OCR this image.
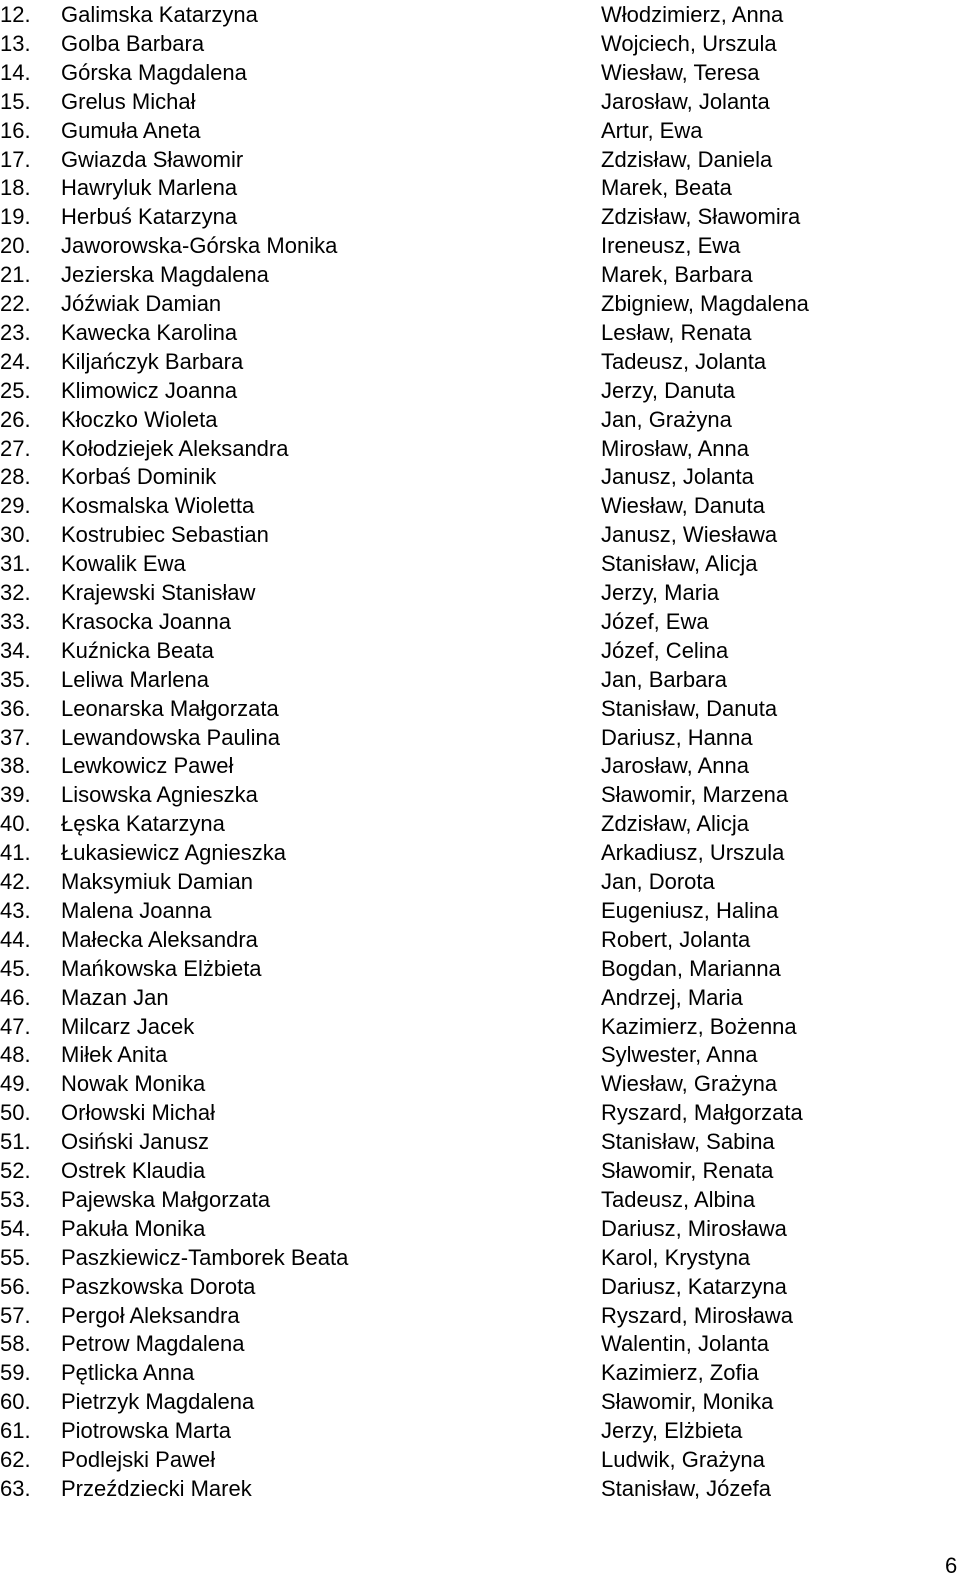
12.	Galimska Katarzyna	Włodzimierz, Anna
13.	Golba Barbara	Wojciech, Urszula
14.	Górska Magdalena	Wiesław, Teresa
15.	Grelus Michał	Jarosław, Jolanta
16.	Gumuła Aneta	Artur, Ewa
17.	Gwiazda Sławomir	Zdzisław, Daniela
18.	Hawryluk Marlena	Marek, Beata
19.	Herbuś Katarzyna	Zdzisław, Sławomira
20.	Jaworowska-Górska Monika	Ireneusz, Ewa
21.	Jezierska Magdalena	Marek, Barbara
22.	Jóźwiak Damian	Zbigniew, Magdalena
23.	Kawecka Karolina	Lesław, Renata
24.	Kiljańczyk Barbara	Tadeusz, Jolanta
25.	Klimowicz Joanna	Jerzy, Danuta
26.	Kłoczko Wioleta	Jan, Grażyna
27.	Kołodziejek Aleksandra	Mirosław, Anna
28.	Korbaś Dominik	Janusz, Jolanta
29.	Kosmalska Wioletta	Wiesław, Danuta
30.	Kostrubiec Sebastian	Janusz, Wiesława
31.	Kowalik Ewa	Stanisław, Alicja
32.	Krajewski Stanisław	Jerzy, Maria
33.	Krasocka Joanna	Józef, Ewa
34.	Kuźnicka Beata	Józef, Celina
35.	Leliwa Marlena	Jan, Barbara
36.	Leonarska Małgorzata	Stanisław, Danuta
37.	Lewandowska Paulina	Dariusz, Hanna
38.	Lewkowicz Paweł	Jarosław, Anna
39.	Lisowska Agnieszka	Sławomir, Marzena
40.	Łęska Katarzyna	Zdzisław, Alicja
41.	Łukasiewicz Agnieszka	Arkadiusz, Urszula
42.	Maksymiuk Damian	Jan, Dorota
43.	Malena Joanna	Eugeniusz, Halina
44.	Małecka Aleksandra	Robert, Jolanta
45.	Mańkowska Elżbieta	Bogdan, Marianna
46.	Mazan Jan	Andrzej, Maria
47.	Milcarz Jacek	Kazimierz, Bożenna
48.	Miłek Anita	Sylwester, Anna
49.	Nowak Monika	Wiesław, Grażyna
50.	Orłowski Michał	Ryszard, Małgorzata
51.	Osiński Janusz	Stanisław, Sabina
52.	Ostrek Klaudia	Sławomir, Renata
53.	Pajewska Małgorzata	Tadeusz, Albina
54.	Pakuła Monika	Dariusz, Mirosława
55.	Paszkiewicz-Tamborek Beata	Karol, Krystyna
56.	Paszkowska Dorota	Dariusz, Katarzyna
57.	Pergoł Aleksandra	Ryszard, Mirosława
58.	Petrow Magdalena	Walentin, Jolanta
59.	Pętlicka Anna	Kazimierz, Zofia
60.	Pietrzyk Magdalena	Sławomir, Monika
61.	Piotrowska Marta	Jerzy, Elżbieta
62.	Podlejski Paweł	Ludwik, Grażyna
63.	Przeździecki Marek	Stanisław, Józefa
6
